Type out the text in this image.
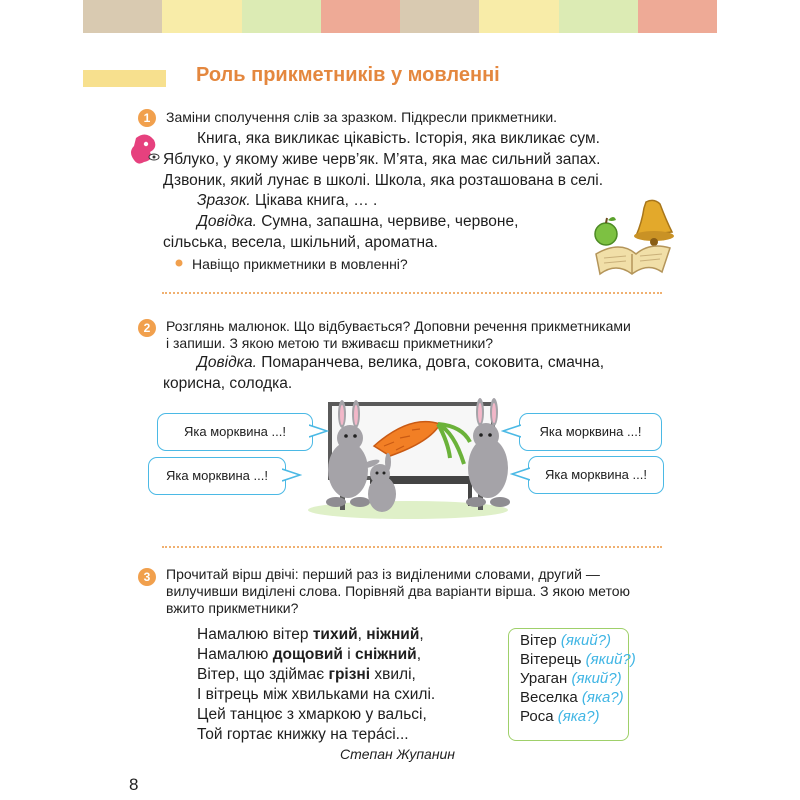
Роль прикметників у мовленні
1	Заміни сполучення слів за зразком. Підкресли прикметники.
Книга, яка викликає цікавість. Історія, яка викликає сум.
Яблуко, у якому живе черв’як. М’ята, яка має сильний запах.
Дзвоник, який лунає в школі. Школа, яка розташована в селі.
Зразок. Цікава книга, … .
Довідка. Сумна, запашна, червиве, червоне,
сільська, весела, шкільний, ароматна.
Навіщо прикметники в мовленні?
2	Розглянь малюнок. Що відбувається? Доповни речення прикметниками
і запиши. З якою метою ти вживаєш прикметники?
Довідка. Помаранчева, велика, довга, соковита, смачна,
корисна, солодка.
Яка морквина ...!
Яка морквина ...!
Яка морквина ...!
Яка морквина ...!
3	Прочитай вірш двічі: перший раз із виділеними словами, другий —
вилучивши виділені слова. Порівняй два варіанти вірша. З якою метою
вжито прикметники?
Намалюю вітер тихий, ніжний,
Намалюю дощовий і сніжний,
Вітер, що здіймає грізні хвилі,
І вітрець між хвильками на схилі.
Цей танцює з хмаркою у вальсі,
Той гортає книжку на терáсі...
Степан Жупанин
Вітер (який?)
Вітерець (який?)
Ураган (який?)
Веселка (яка?)
Роса (яка?)
8
